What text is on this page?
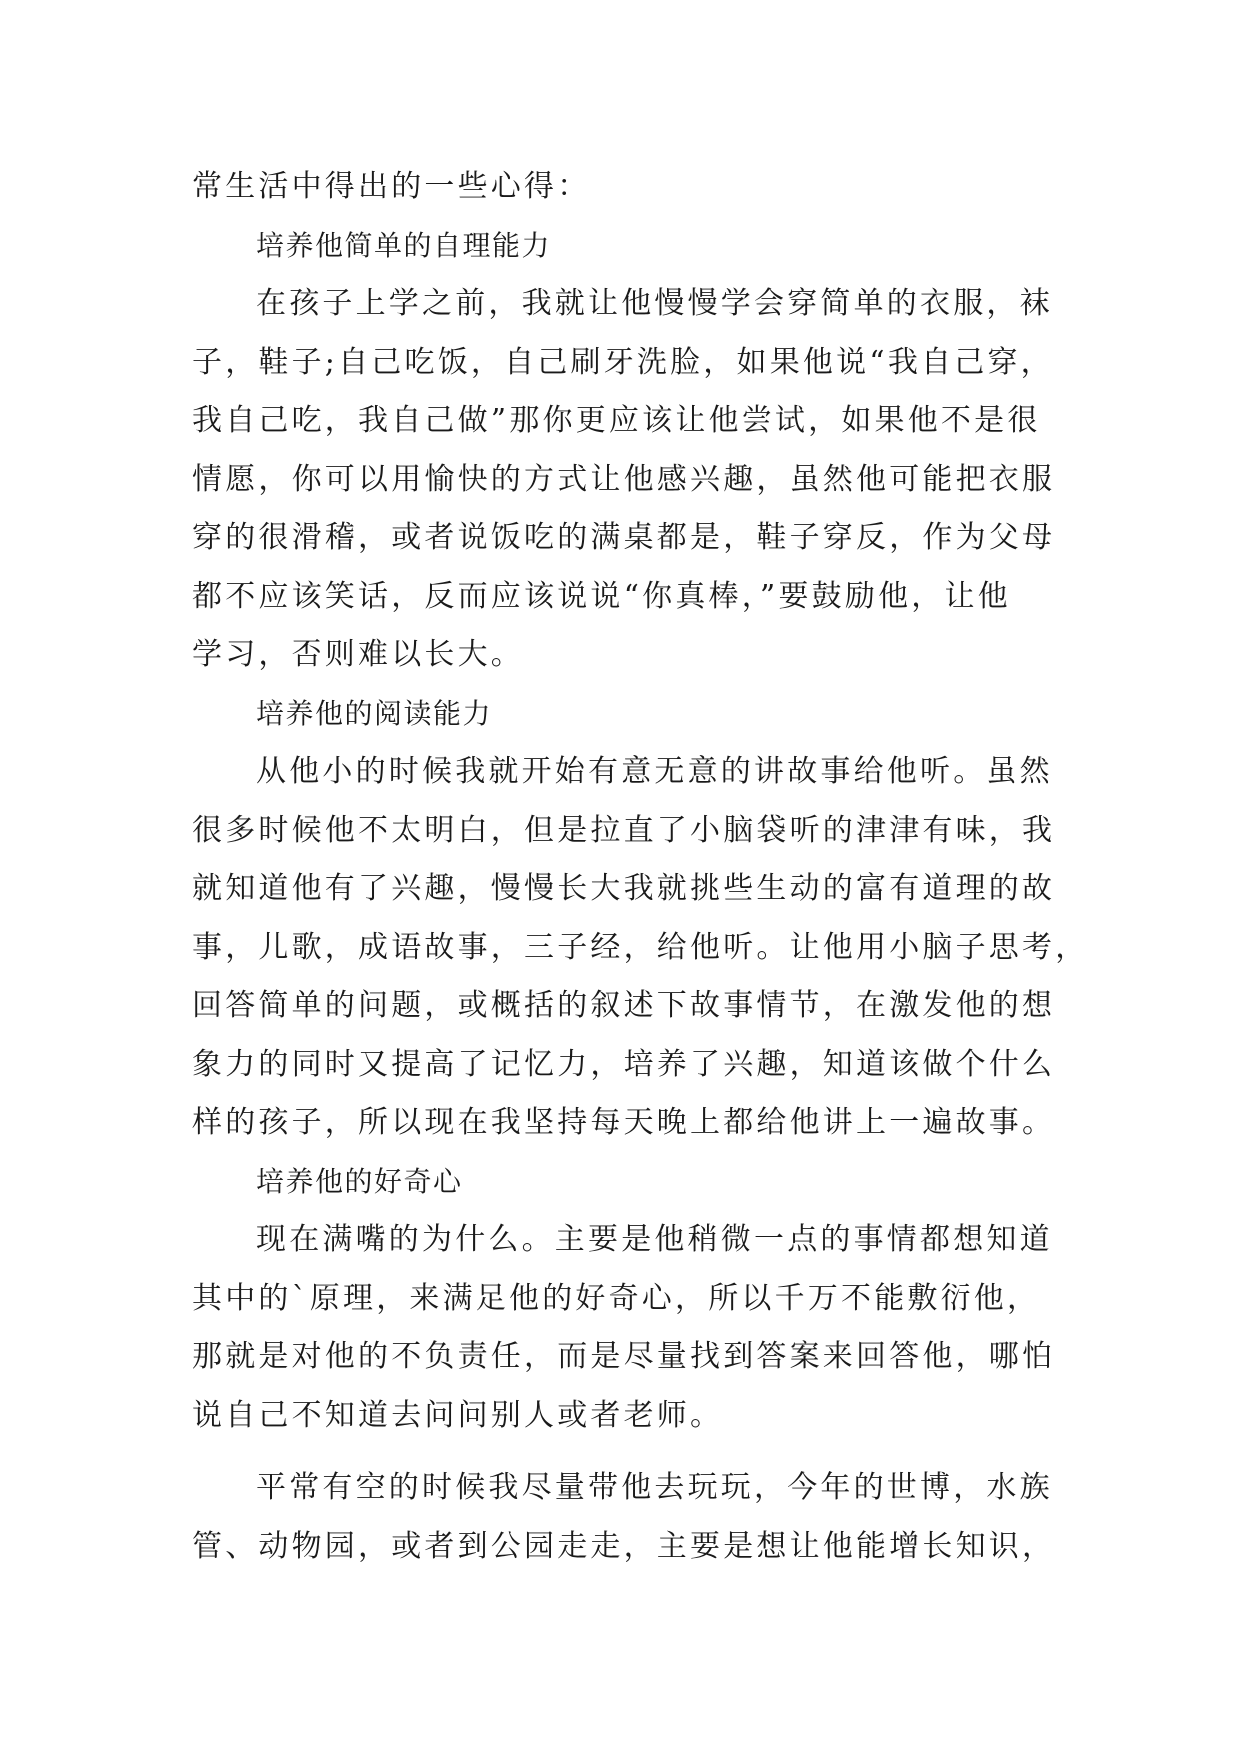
常生活中得出的一些心得：
培养他简单的自理能力
在孩子上学之前，我就让他慢慢学会穿简单的衣服，袜
子，鞋子;自己吃饭，自己刷牙洗脸，如果他说“我自己穿，
我自己吃，我自己做”那你更应该让他尝试，如果他不是很
情愿，你可以用愉快的方式让他感兴趣，虽然他可能把衣服
穿的很滑稽，或者说饭吃的满桌都是，鞋子穿反，作为父母
都不应该笑话，反而应该说说“你真棒，”要鼓励他，让他
学习，否则难以长大。
培养他的阅读能力
从他小的时候我就开始有意无意的讲故事给他听。虽然
很多时候他不太明白，但是拉直了小脑袋听的津津有味，我
就知道他有了兴趣，慢慢长大我就挑些生动的富有道理的故
事，儿歌，成语故事，三子经，给他听。让他用小脑子思考，
回答简单的问题，或概括的叙述下故事情节，在激发他的想
象力的同时又提高了记忆力，培养了兴趣，知道该做个什么
样的孩子，所以现在我坚持每天晚上都给他讲上一遍故事。
培养他的好奇心
现在满嘴的为什么。主要是他稍微一点的事情都想知道
其中的`原理，来满足他的好奇心，所以千万不能敷衍他，
那就是对他的不负责任，而是尽量找到答案来回答他，哪怕
说自己不知道去问问别人或者老师。
平常有空的时候我尽量带他去玩玩，今年的世博，水族
管、动物园，或者到公园走走，主要是想让他能增长知识，
